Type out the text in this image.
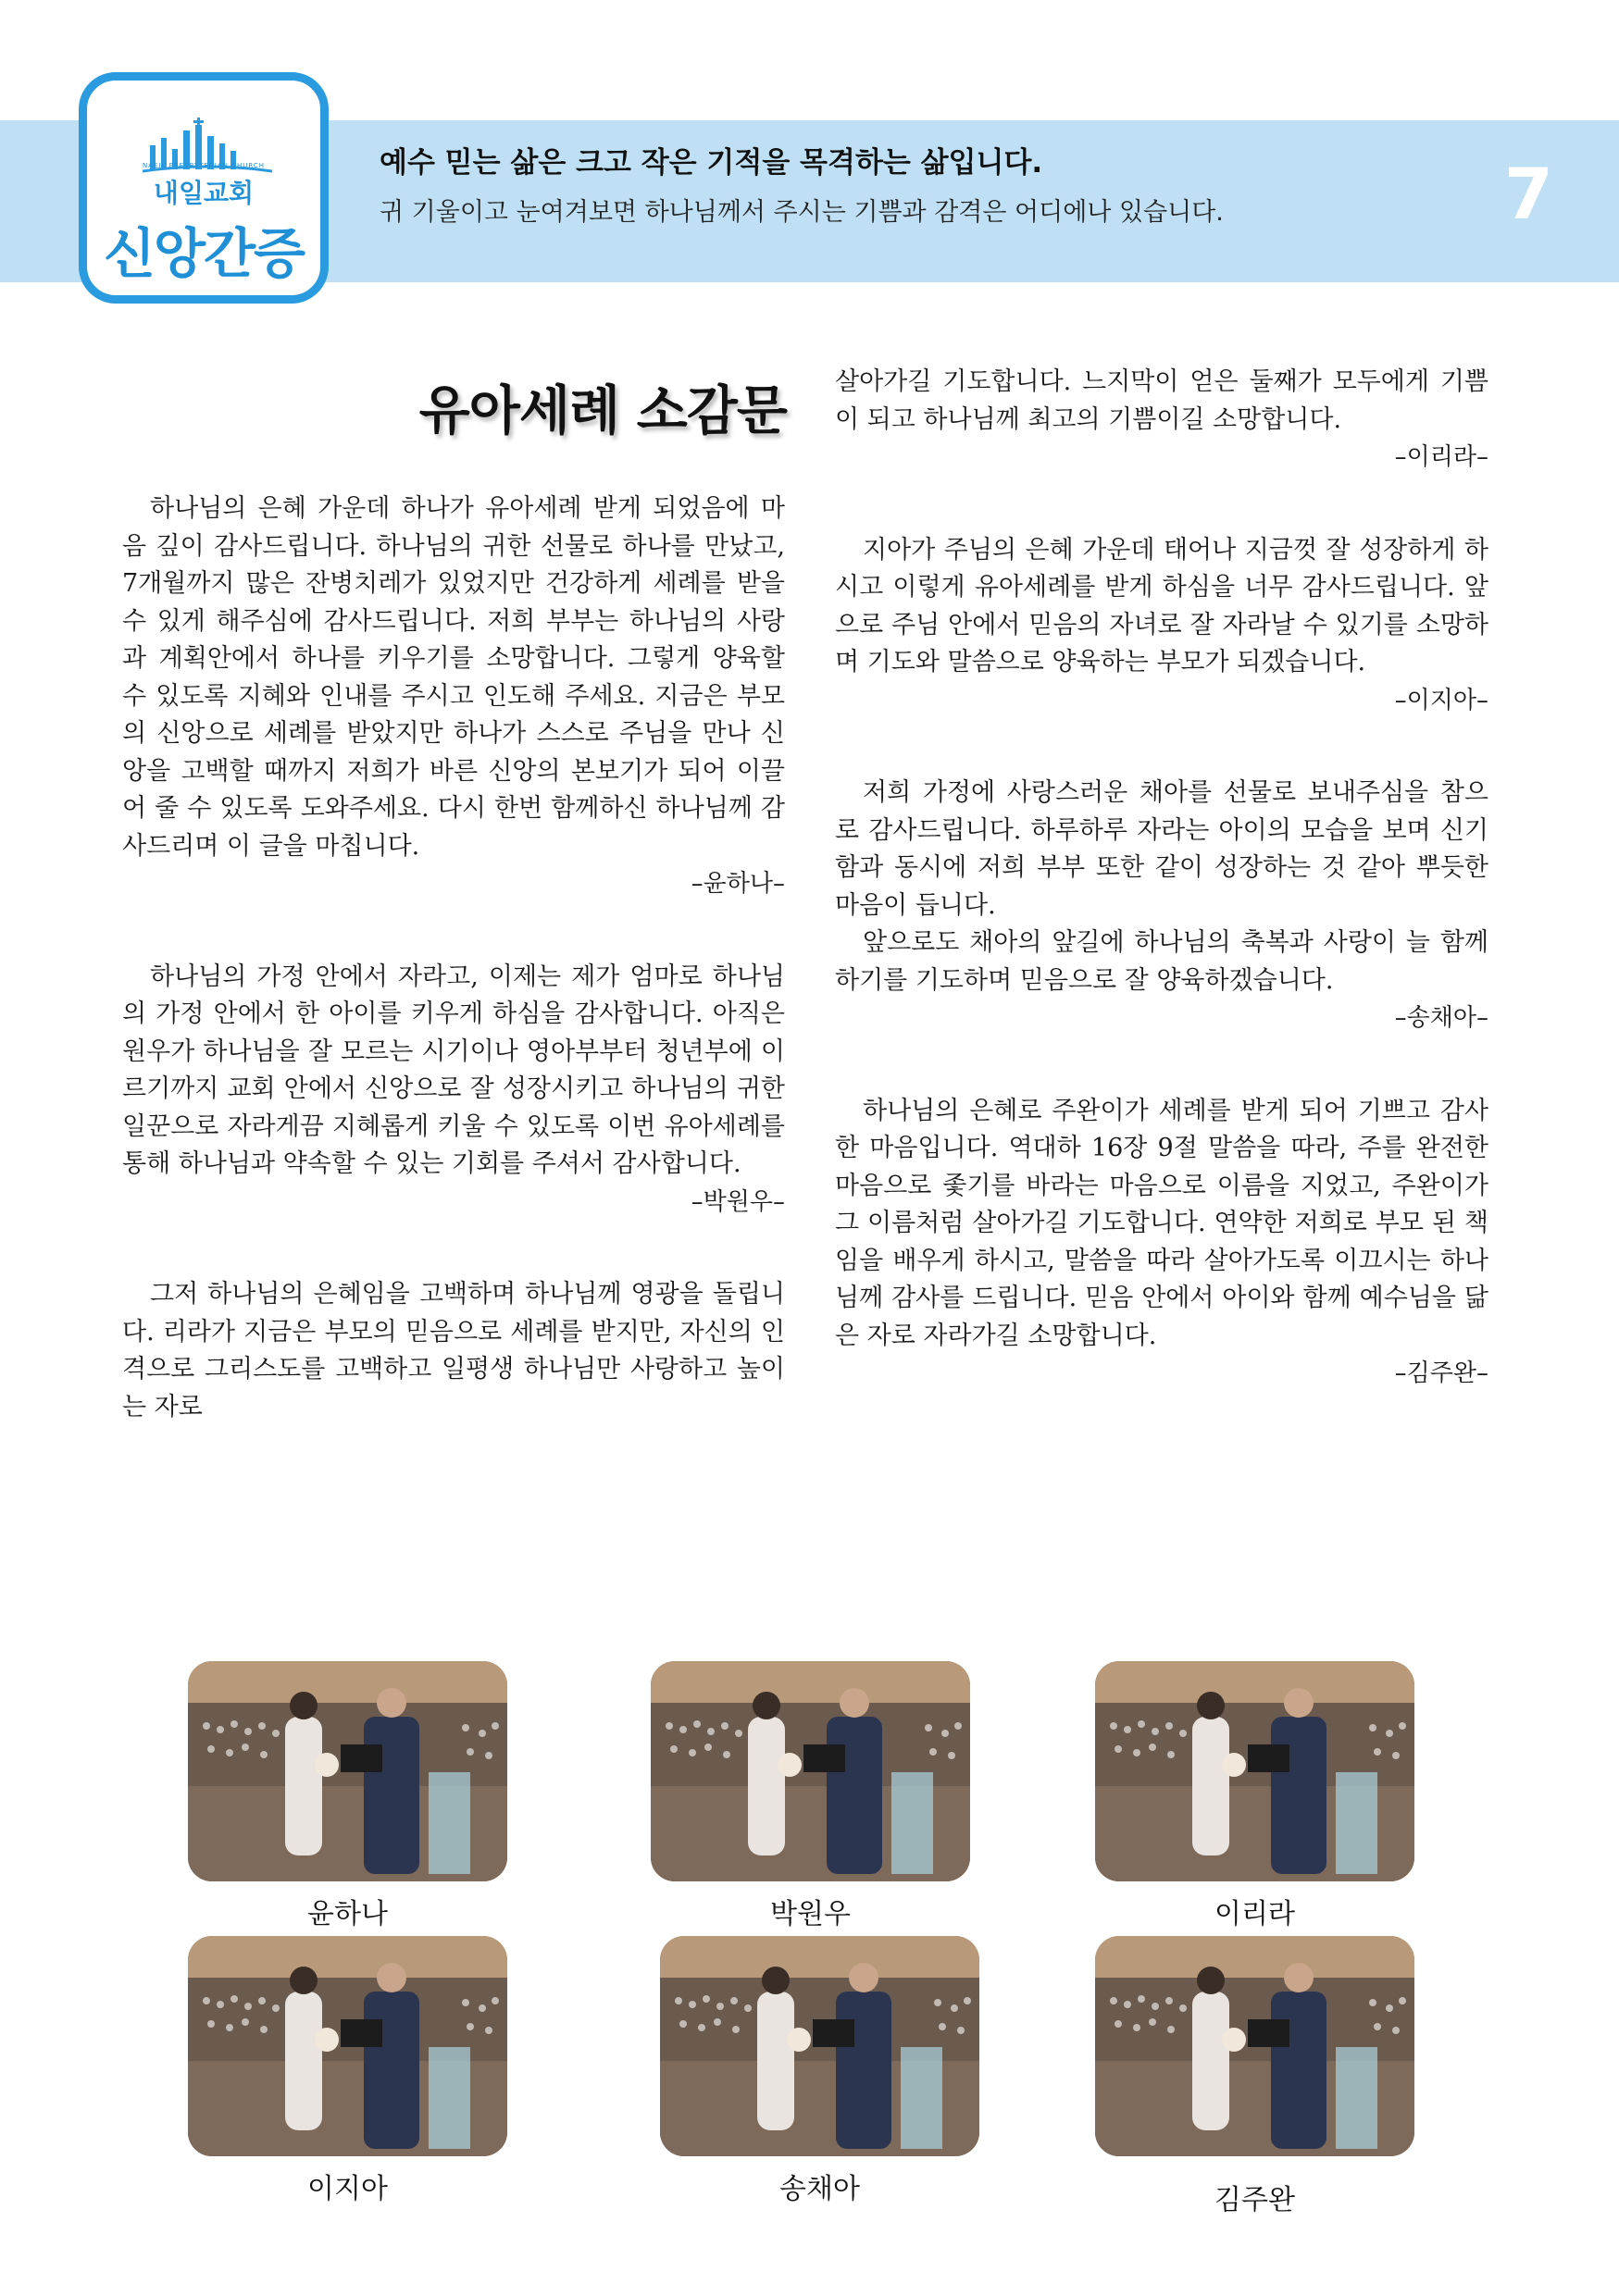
NAEIL PRESBYTERIAN CHURCH
내일교회
신앙간증
예수 믿는 삶은 크고 작은 기적을 목격하는 삶입니다.
귀 기울이고 눈여겨보면 하나님께서 주시는 기쁨과 감격은 어디에나 있습니다.	7
유아세례 소감문

하나님의 은혜 가운데 하나가 유아세례 받게 되었음에 마음 깊이 감사드립니다. 하나님의 귀한 선물로 하나를 만났고, 7개월까지 많은 잔병치레가 있었지만 건강하게 세례를 받을 수 있게 해주심에 감사드립니다. 저희 부부는 하나님의 사랑과 계획안에서 하나를 키우기를 소망합니다. 그렇게 양육할 수 있도록 지혜와 인내를 주시고 인도해 주세요. 지금은 부모의 신앙으로 세례를 받았지만 하나가 스스로 주님을 만나 신앙을 고백할 때까지 저희가 바른 신앙의 본보기가 되어 이끌어 줄 수 있도록 도와주세요. 다시 한번 함께하신 하나님께 감사드리며 이 글을 마칩니다.

–윤하나–

하나님의 가정 안에서 자라고, 이제는 제가 엄마로 하나님의 가정 안에서 한 아이를 키우게 하심을 감사합니다. 아직은 원우가 하나님을 잘 모르는 시기이나 영아부부터 청년부에 이르기까지 교회 안에서 신앙으로 잘 성장시키고 하나님의 귀한 일꾼으로 자라게끔 지혜롭게 키울 수 있도록 이번 유아세례를 통해 하나님과 약속할 수 있는 기회를 주셔서 감사합니다.

–박원우–

그저 하나님의 은혜임을 고백하며 하나님께 영광을 돌립니다. 리라가 지금은 부모의 믿음으로 세례를 받지만, 자신의 인격으로 그리스도를 고백하고 일평생 하나님만 사랑하고 높이는 자로

살아가길 기도합니다. 느지막이 얻은 둘째가 모두에게 기쁨이 되고 하나님께 최고의 기쁨이길 소망합니다.

–이리라–

지아가 주님의 은혜 가운데 태어나 지금껏 잘 성장하게 하시고 이렇게 유아세례를 받게 하심을 너무 감사드립니다. 앞으로 주님 안에서 믿음의 자녀로 잘 자라날 수 있기를 소망하며 기도와 말씀으로 양육하는 부모가 되겠습니다.

–이지아–

저희 가정에 사랑스러운 채아를 선물로 보내주심을 참으로 감사드립니다. 하루하루 자라는 아이의 모습을 보며 신기함과 동시에 저희 부부 또한 같이 성장하는 것 같아 뿌듯한 마음이 듭니다.

앞으로도 채아의 앞길에 하나님의 축복과 사랑이 늘 함께하기를 기도하며 믿음으로 잘 양육하겠습니다.

–송채아–

하나님의 은혜로 주완이가 세례를 받게 되어 기쁘고 감사한 마음입니다. 역대하 16장 9절 말씀을 따라, 주를 완전한 마음으로 좇기를 바라는 마음으로 이름을 지었고, 주완이가 그 이름처럼 살아가길 기도합니다. 연약한 저희로 부모 된 책임을 배우게 하시고, 말씀을 따라 살아가도록 이끄시는 하나님께 감사를 드립니다. 믿음 안에서 아이와 함께 예수님을 닮은 자로 자라가길 소망합니다.

–김주완–

윤하나	박원우	이리라
이지아	송채아	김주완
